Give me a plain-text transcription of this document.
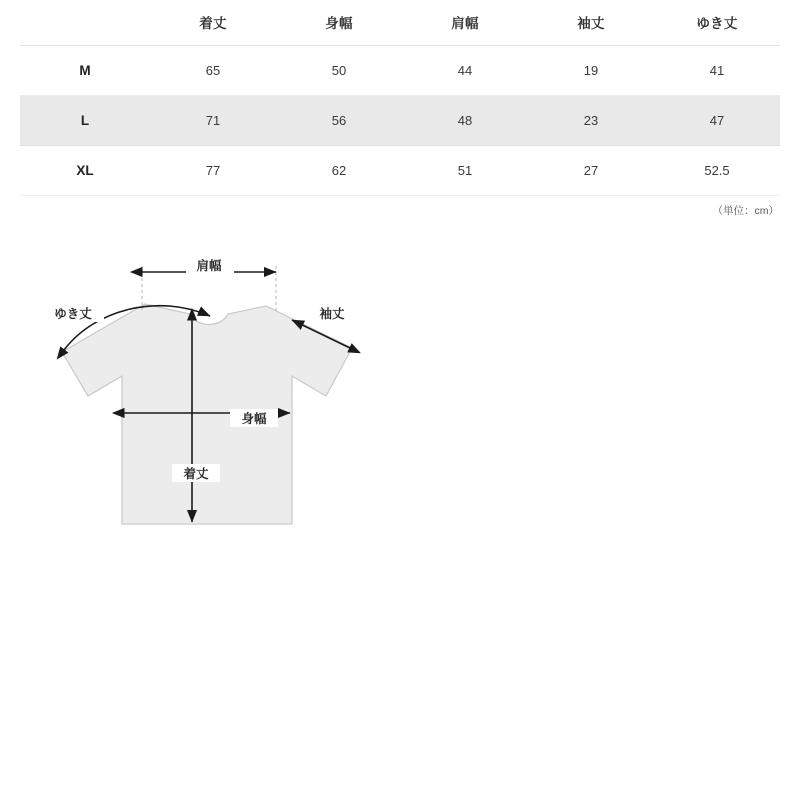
	着丈	身幅	肩幅	袖丈	ゆき丈
M	65	50	44	19	41
L	71	56	48	23	47
XL	77	62	51	27	52.5
（単位：cm）
肩幅
ゆき丈	袖丈
身幅
着丈
